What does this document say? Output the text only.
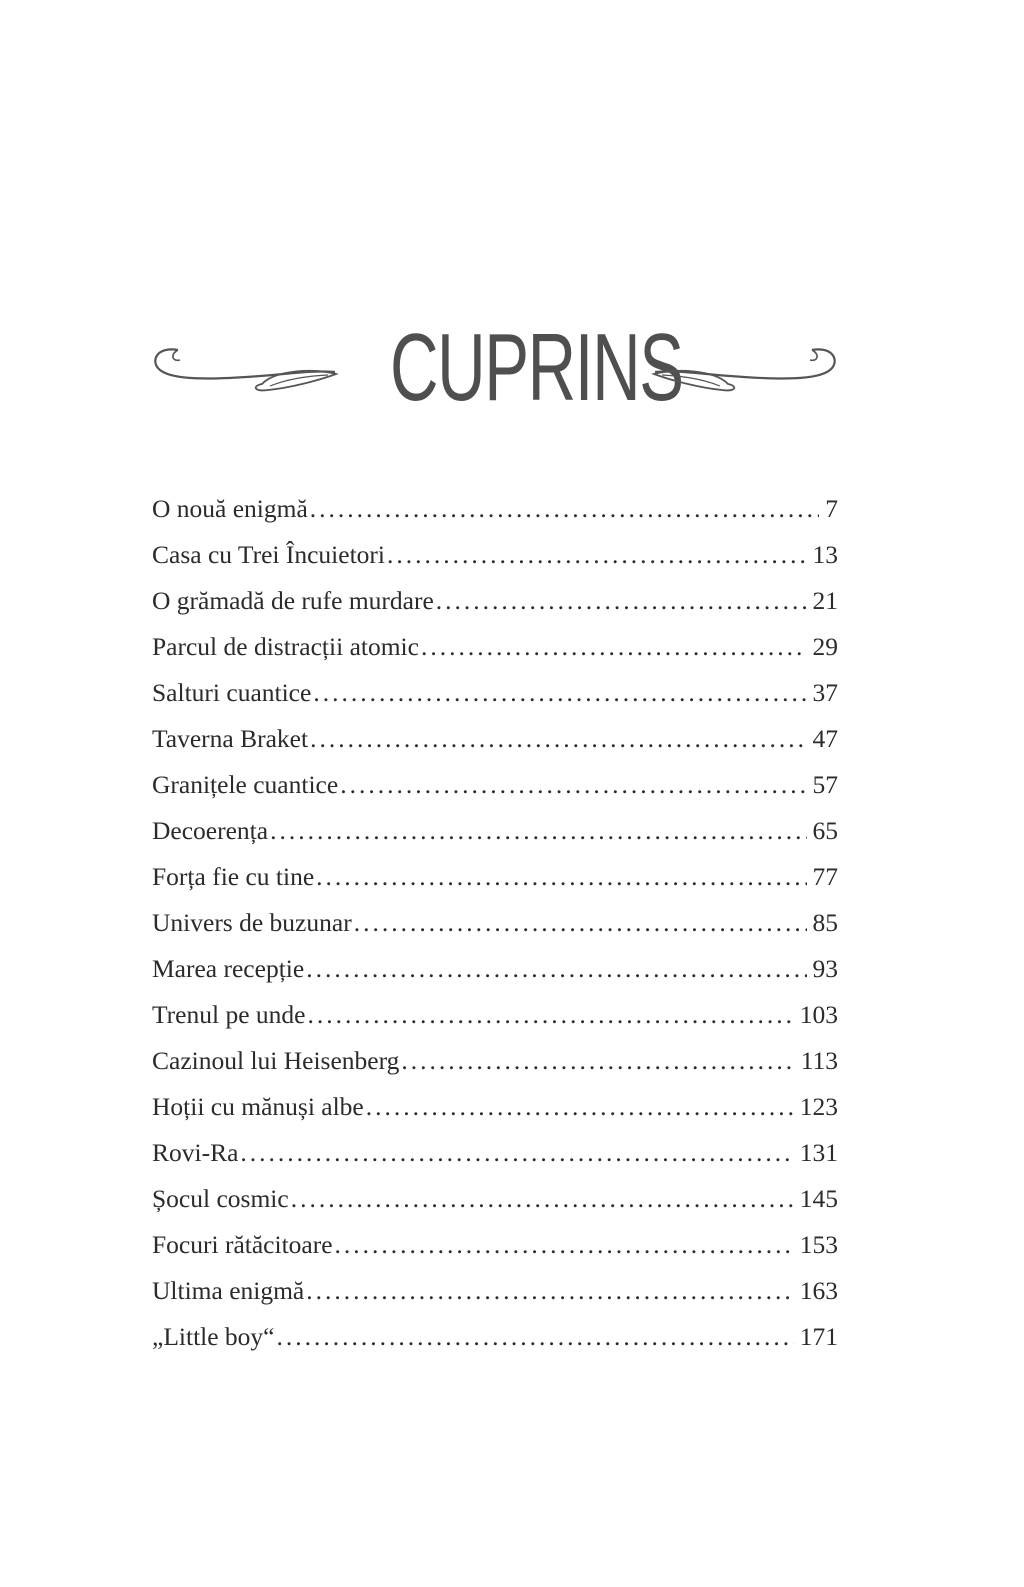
CUPRINS
O nouă enigmă .....	7
Casa cu Trei Încuietori .....	13
O grămadă de rufe murdare .....	21
Parcul de distracții atomic .....	29
Salturi cuantice .....	37
Taverna Braket .....	47
Granițele cuantice .....	57
Decoerența .....	65
Forța fie cu tine .....	77
Univers de buzunar .....	85
Marea recepție .....	93
Trenul pe unde .....	103
Cazinoul lui Heisenberg .....	113
Hoții cu mănuși albe .....	123
Rovi-Ra .....	131
Șocul cosmic .....	145
Focuri rătăcitoare .....	153
Ultima enigmă .....	163
„Little boy“ .....	171
